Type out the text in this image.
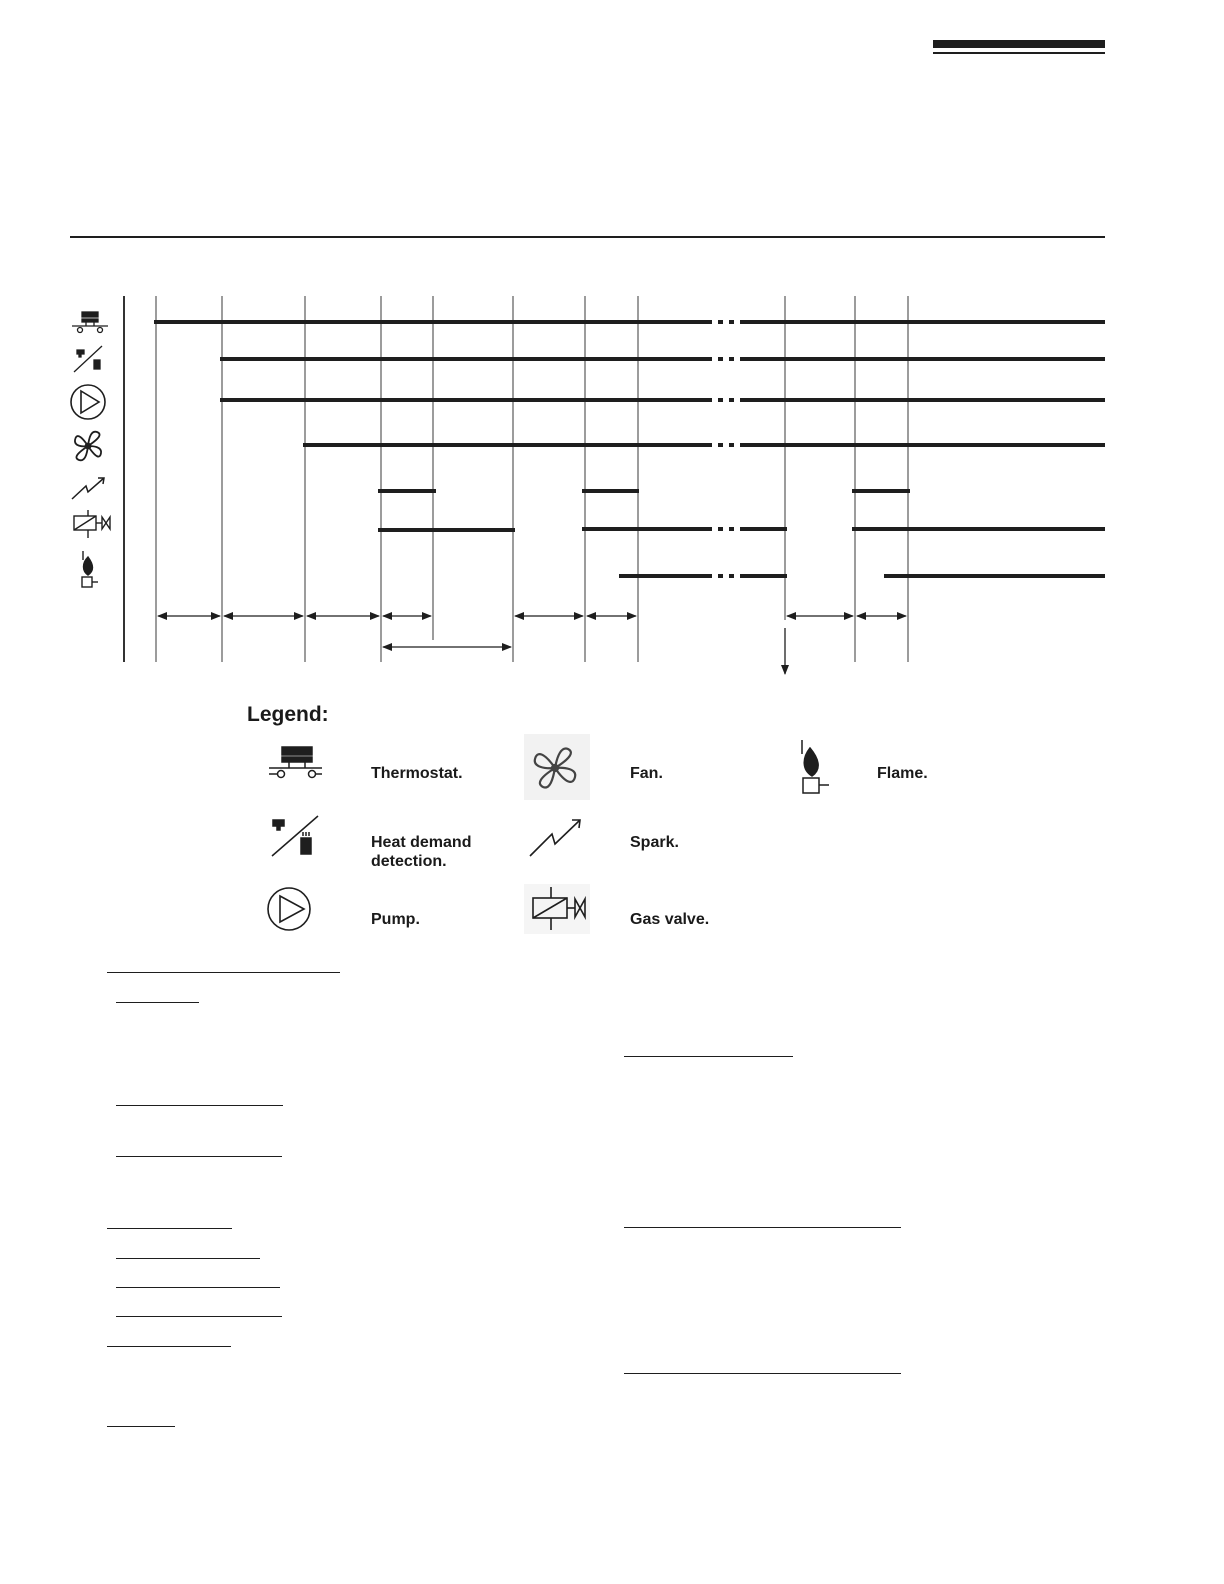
Legend:
Thermostat.
Heat demand detection.
Pump.
Fan.
Spark.
Gas valve.
Flame.
